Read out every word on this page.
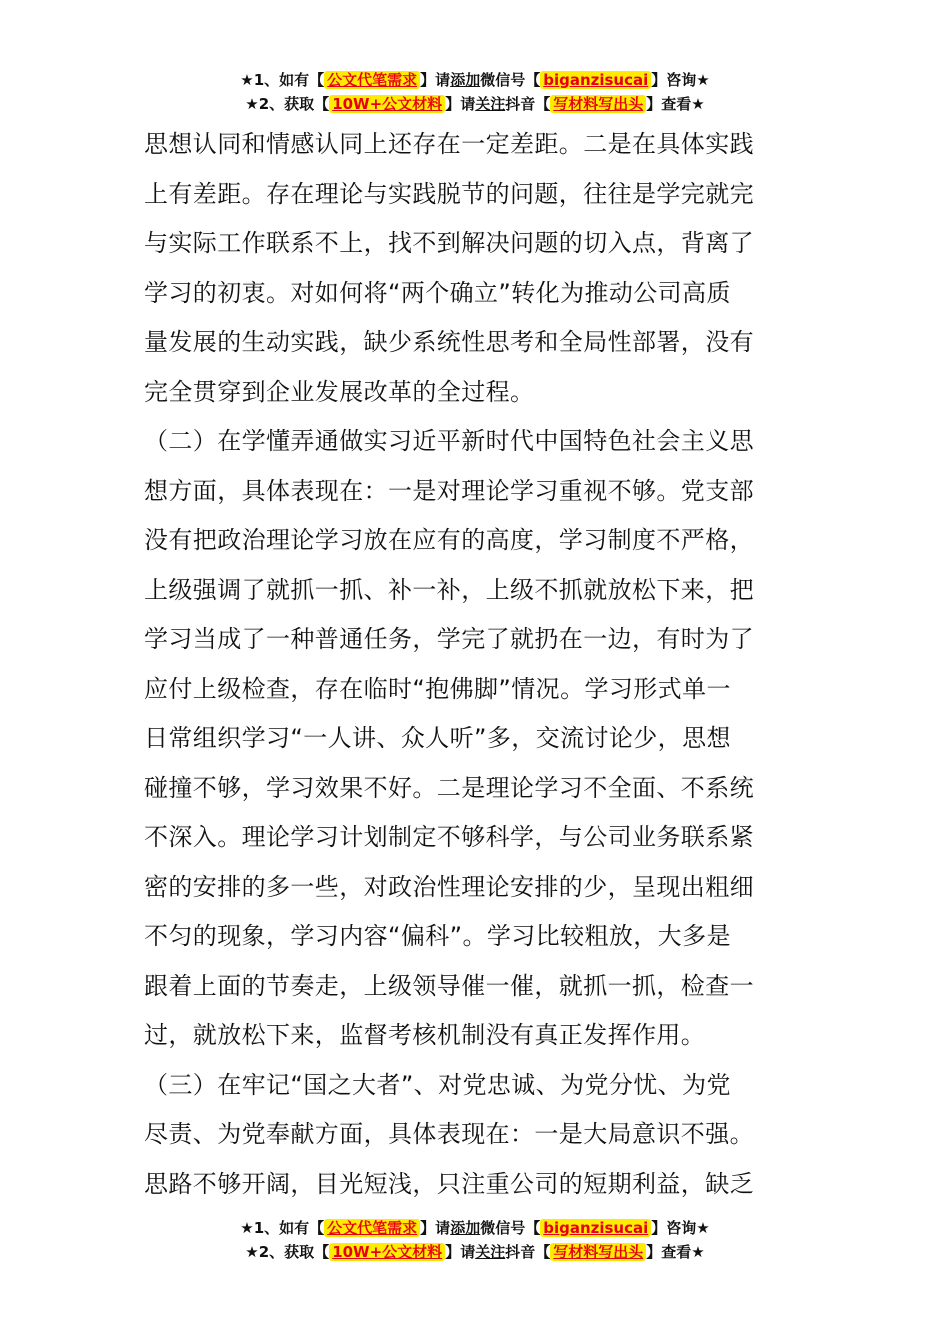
★1、如有【 公文代笔需求 】请添加微信号【 biganzisucai 】咨询★
★2、获取【 10W+公文材料 】请关注抖音【 写材料写出头 】查看★
思想认同和情感认同上还存在一定差距。二是在具体实践
上有差距。存在理论与实践脱节的问题，往往是学完就完
与实际工作联系不上，找不到解决问题的切入点，背离了
学习的初衷。对如何将“两个确立”转化为推动公司高质
量发展的生动实践，缺少系统性思考和全局性部署，没有
完全贯穿到企业发展改革的全过程。
（二）在学懂弄通做实习近平新时代中国特色社会主义思
想方面，具体表现在：一是对理论学习重视不够。党支部
没有把政治理论学习放在应有的高度，学习制度不严格，
上级强调了就抓一抓、补一补，上级不抓就放松下来，把
学习当成了一种普通任务，学完了就扔在一边，有时为了
应付上级检查，存在临时“抱佛脚”情况。学习形式单一
日常组织学习“一人讲、众人听”多，交流讨论少，思想
碰撞不够，学习效果不好。二是理论学习不全面、不系统
不深入。理论学习计划制定不够科学，与公司业务联系紧
密的安排的多一些，对政治性理论安排的少，呈现出粗细
不匀的现象，学习内容“偏科”。学习比较粗放，大多是
跟着上面的节奏走，上级领导催一催，就抓一抓，检查一
过，就放松下来，监督考核机制没有真正发挥作用。
（三）在牢记“国之大者”、对党忠诚、为党分忧、为党
尽责、为党奉献方面，具体表现在：一是大局意识不强。
思路不够开阔，目光短浅，只注重公司的短期利益，缺乏
★1、如有【 公文代笔需求 】请添加微信号【 biganzisucai 】咨询★
★2、获取【 10W+公文材料 】请关注抖音【 写材料写出头 】查看★
